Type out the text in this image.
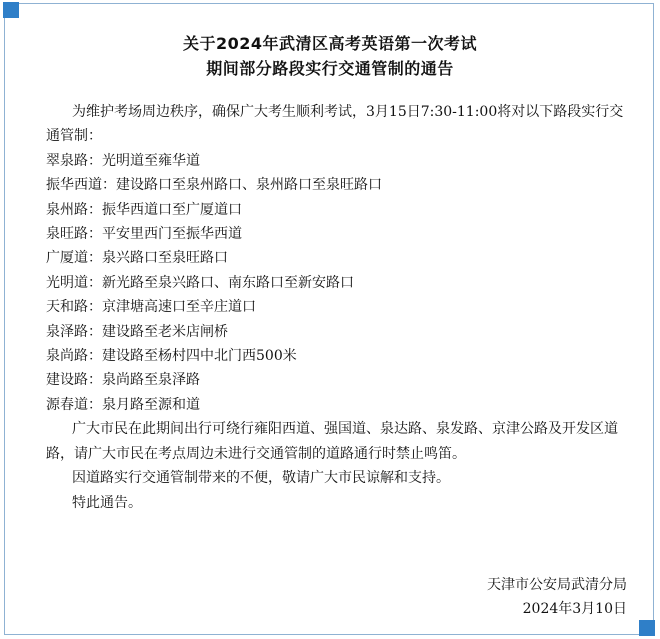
关于2024年武清区高考英语第一次考试
期间部分路段实行交通管制的通告

为维护考场周边秩序，确保广大考生顺利考试，3月15日7:30-11:00将对以下路段实行交通管制：

翠泉路：光明道至雍华道

振华西道：建设路口至泉州路口、泉州路口至泉旺路口

泉州路：振华西道口至广厦道口

泉旺路：平安里西门至振华西道

广厦道：泉兴路口至泉旺路口

光明道：新光路至泉兴路口、南东路口至新安路口

天和路：京津塘高速口至辛庄道口

泉泽路：建设路至老米店闸桥

泉尚路：建设路至杨村四中北门西500米

建设路：泉尚路至泉泽路

源春道：泉月路至源和道

广大市民在此期间出行可绕行雍阳西道、强国道、泉达路、泉发路、京津公路及开发区道路，请广大市民在考点周边未进行交通管制的道路通行时禁止鸣笛。

因道路实行交通管制带来的不便，敬请广大市民谅解和支持。

特此通告。

天津市公安局武清分局
2024年3月10日
